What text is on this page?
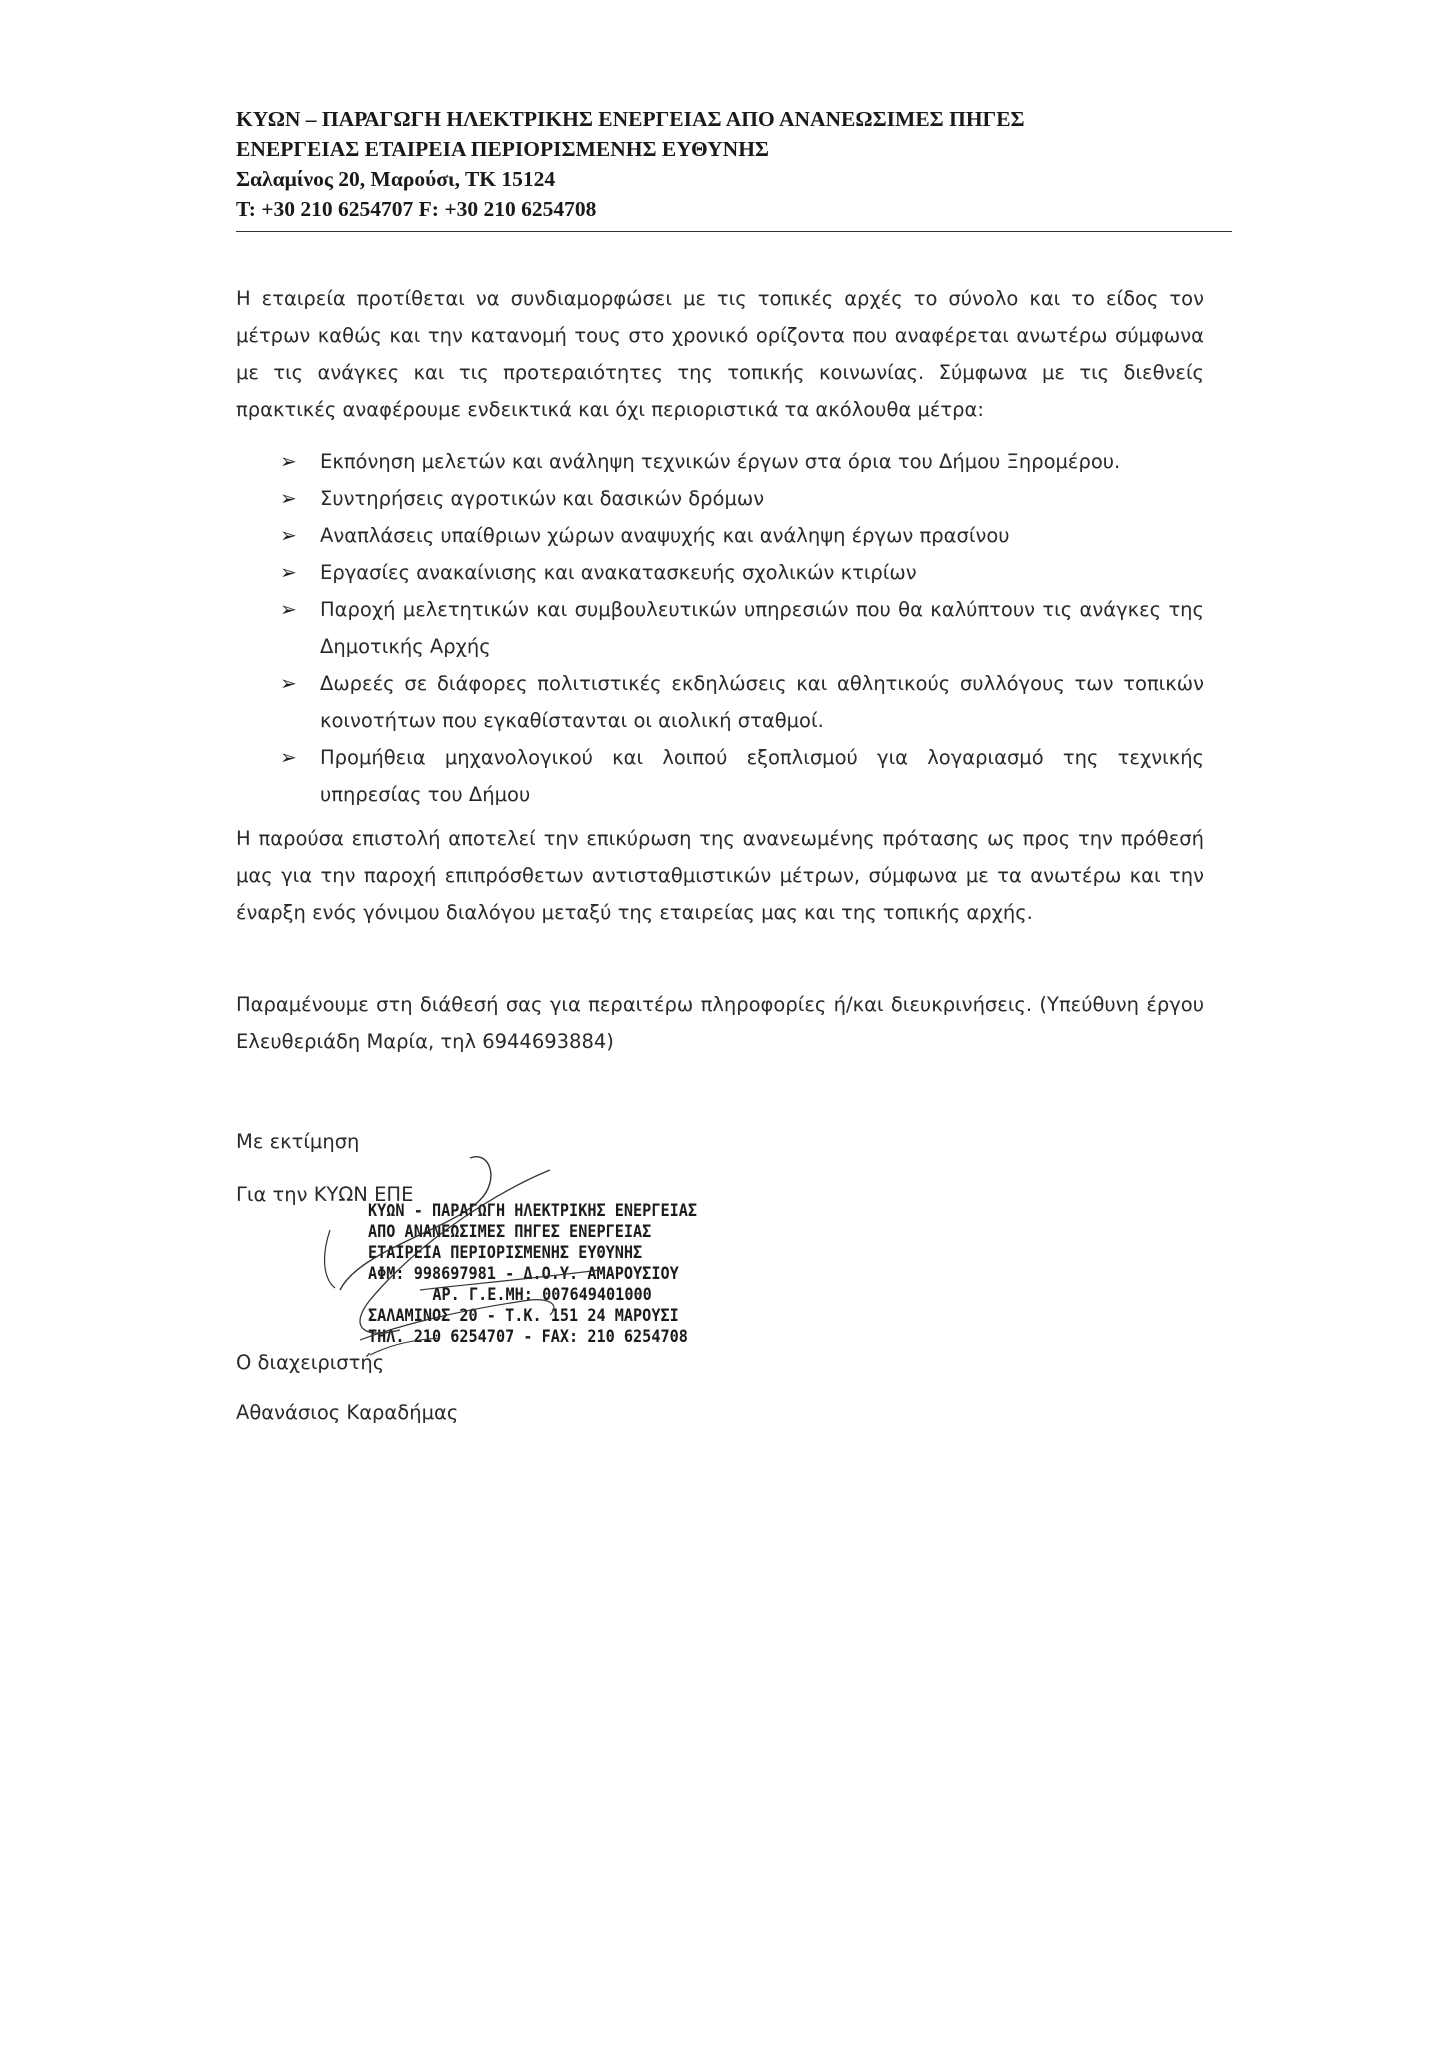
ΚΥΩΝ – ΠΑΡΑΓΩΓΗ ΗΛΕΚΤΡΙΚΗΣ ΕΝΕΡΓΕΙΑΣ ΑΠΟ ΑΝΑΝΕΩΣΙΜΕΣ ΠΗΓΕΣ
ΕΝΕΡΓΕΙΑΣ ΕΤΑΙΡΕΙΑ ΠΕΡΙΟΡΙΣΜΕΝΗΣ ΕΥΘΥΝΗΣ
Σαλαμίνος 20, Μαρούσι, ΤΚ 15124
Τ: +30 210 6254707 F: +30 210 6254708
Η εταιρεία προτίθεται να συνδιαμορφώσει με τις τοπικές αρχές το σύνολο και το είδος τον μέτρων καθώς και την κατανομή τους στο χρονικό ορίζοντα που αναφέρεται ανωτέρω σύμφωνα με τις ανάγκες και τις προτεραιότητες της τοπικής κοινωνίας. Σύμφωνα με τις διεθνείς πρακτικές αναφέρουμε ενδεικτικά και όχι περιοριστικά τα ακόλουθα μέτρα:
➢ Εκπόνηση μελετών και ανάληψη τεχνικών έργων στα όρια του Δήμου Ξηρομέρου.
➢ Συντηρήσεις αγροτικών και δασικών δρόμων
➢ Αναπλάσεις υπαίθριων χώρων αναψυχής και ανάληψη έργων πρασίνου
➢ Εργασίες ανακαίνισης και ανακατασκευής σχολικών κτιρίων
➢ Παροχή μελετητικών και συμβουλευτικών υπηρεσιών που θα καλύπτουν τις ανάγκες της Δημοτικής Αρχής
➢ Δωρεές σε διάφορες πολιτιστικές εκδηλώσεις και αθλητικούς συλλόγους των τοπικών κοινοτήτων που εγκαθίστανται οι αιολική σταθμοί.
➢ Προμήθεια μηχανολογικού και λοιπού εξοπλισμού για λογαριασμό της τεχνικής υπηρεσίας του Δήμου
Η παρούσα επιστολή αποτελεί την επικύρωση της ανανεωμένης πρότασης ως προς την πρόθεσή μας για την παροχή επιπρόσθετων αντισταθμιστικών μέτρων, σύμφωνα με τα ανωτέρω και την έναρξη ενός γόνιμου διαλόγου μεταξύ της εταιρείας μας και της τοπικής αρχής.
Παραμένουμε στη διάθεσή σας για περαιτέρω πληροφορίες ή/και διευκρινήσεις. (Υπεύθυνη έργου Ελευθεριάδη Μαρία, τηλ 6944693884)
Με εκτίμηση
Για την ΚΥΩΝ ΕΠΕ
ΚΥΩΝ - ΠΑΡΑΓΩΓΗ ΗΛΕΚΤΡΙΚΗΣ ΕΝΕΡΓΕΙΑΣ
ΑΠΟ ΑΝΑΝΕΩΣΙΜΕΣ ΠΗΓΕΣ ΕΝΕΡΓΕΙΑΣ
ΕΤΑΙΡΕΙΑ ΠΕΡΙΟΡΙΣΜΕΝΗΣ ΕΥΘΥΝΗΣ
ΑΦΜ: 998697981 - Δ.Ο.Υ. ΑΜΑΡΟΥΣΙΟΥ
ΑΡ. Γ.Ε.ΜΗ: 007649401000
ΣΑΛΑΜΙΝΟΣ 20 - Τ.Κ. 151 24 ΜΑΡΟΥΣΙ
ΤΗΛ. 210 6254707 - FAX: 210 6254708
Ο διαχειριστής
Αθανάσιος Καραδήμας
